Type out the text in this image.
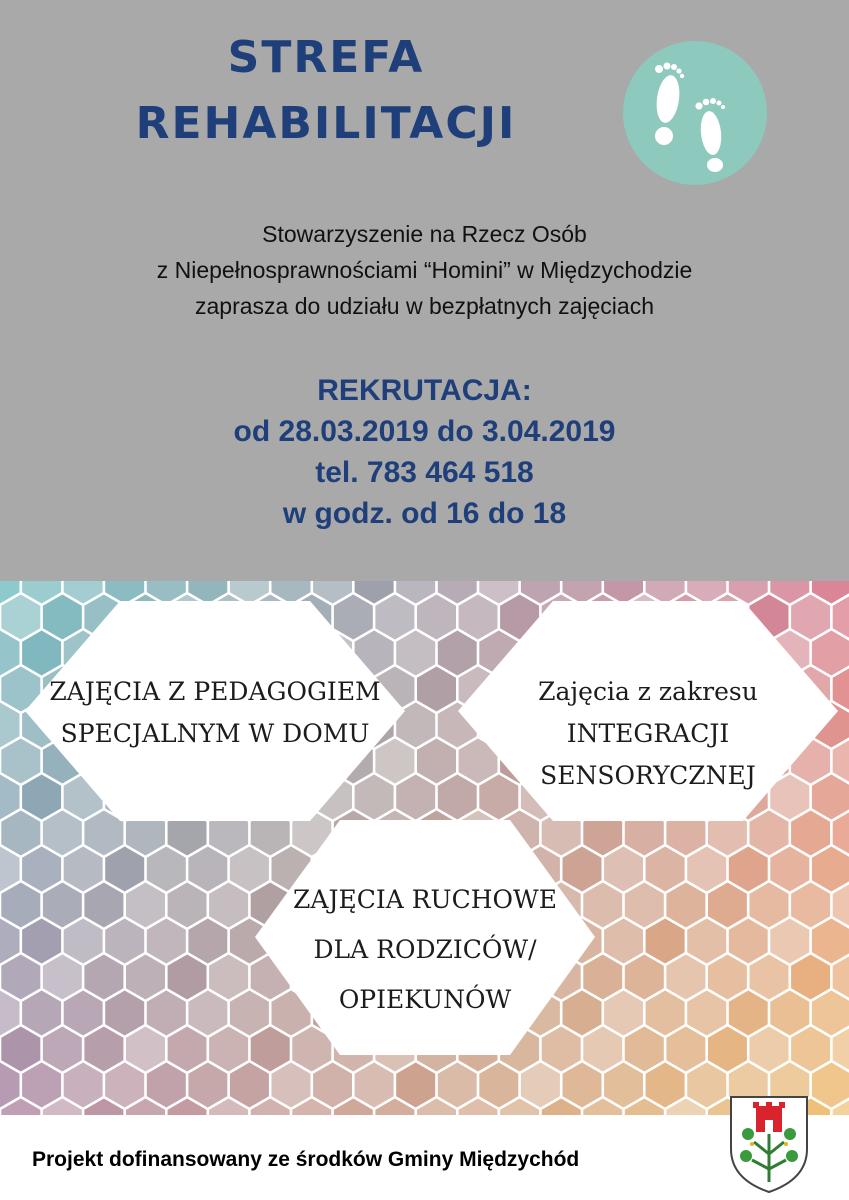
STREFA
REHABILITACJI
Stowarzyszenie na Rzecz Osób
z Niepełnosprawnościami “Homini” w Międzychodzie
zaprasza do udziału w bezpłatnych zajęciach
REKRUTACJA:
od 28.03.2019 do 3.04.2019
tel. 783 464 518
w godz. od 16 do 18
ZAJĘCIA Z PEDAGOGIEM
SPECJALNYM W DOMU
Zajęcia z zakresu
INTEGRACJI SENSORYCZNEJ
ZAJĘCIA RUCHOWE
DLA RODZICÓW/
OPIEKUNÓW
Projekt dofinansowany ze środków Gminy Międzychód
